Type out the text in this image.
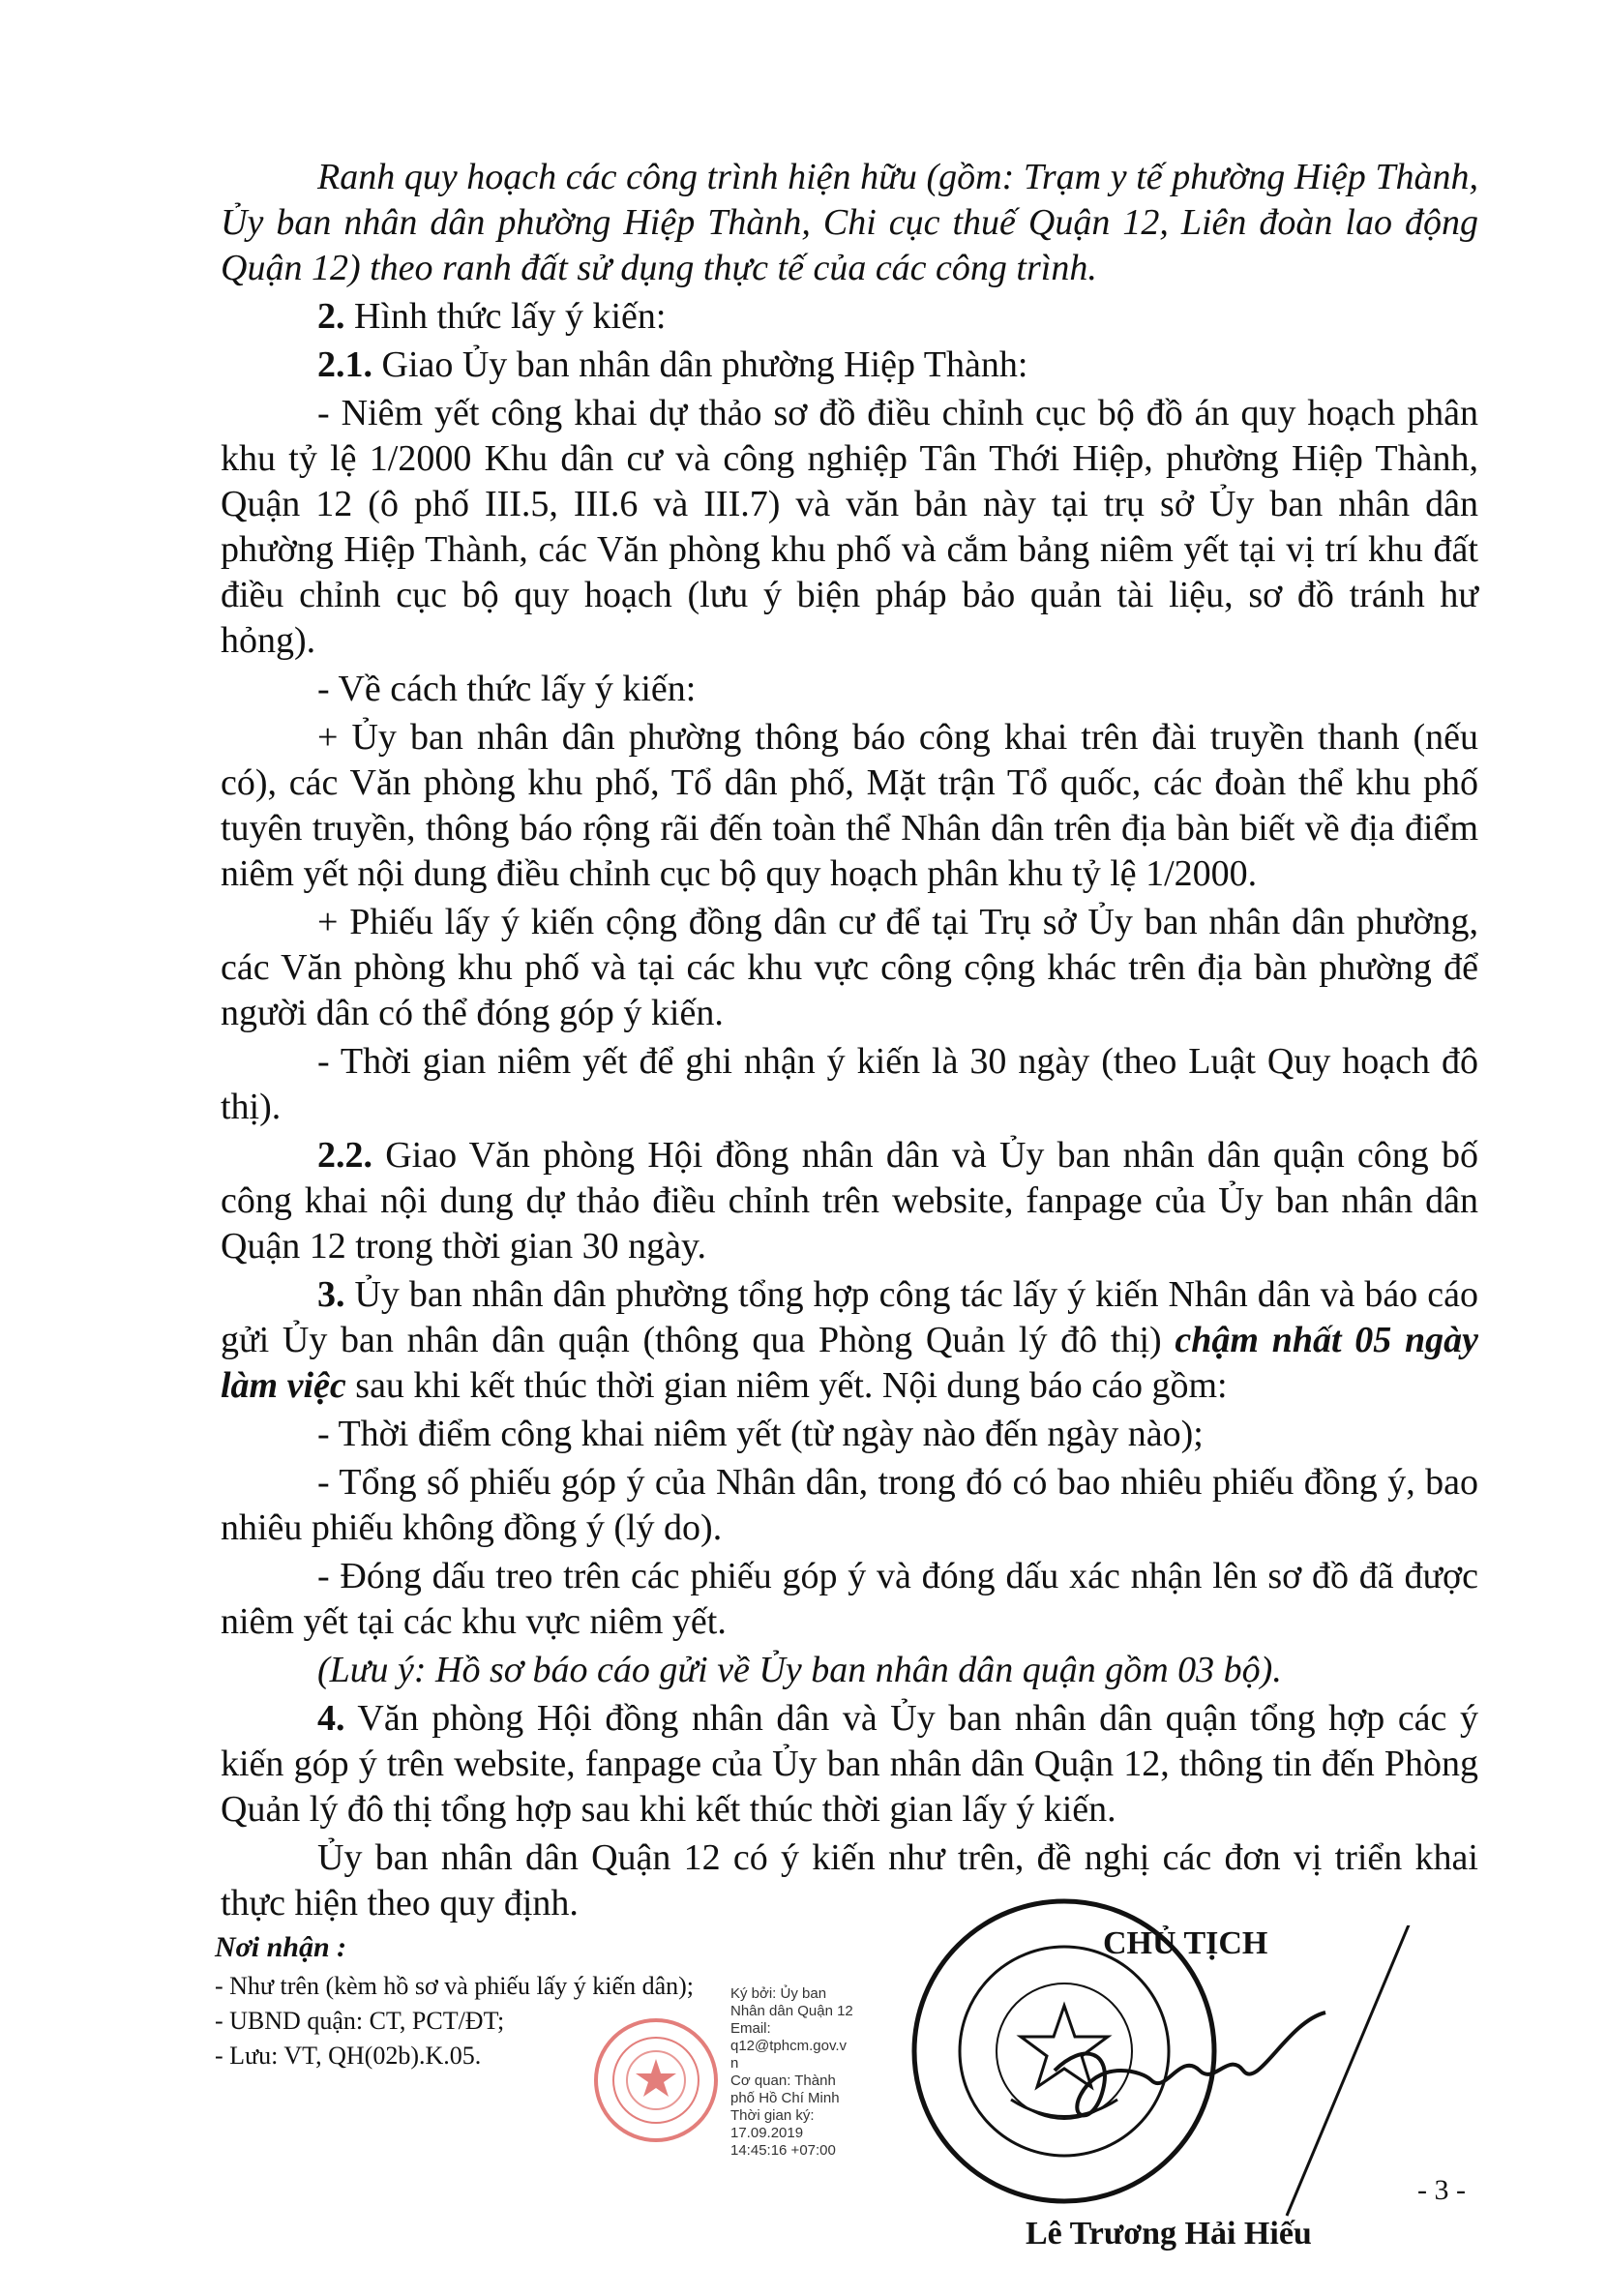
Ranh quy hoạch các công trình hiện hữu (gồm: Trạm y tế phường Hiệp Thành, Ủy ban nhân dân phường Hiệp Thành, Chi cục thuế Quận 12, Liên đoàn lao động Quận 12) theo ranh đất sử dụng thực tế của các công trình.

2. Hình thức lấy ý kiến:

2.1. Giao Ủy ban nhân dân phường Hiệp Thành:

- Niêm yết công khai dự thảo sơ đồ điều chỉnh cục bộ đồ án quy hoạch phân khu tỷ lệ 1/2000 Khu dân cư và công nghiệp Tân Thới Hiệp, phường Hiệp Thành, Quận 12 (ô phố III.5, III.6 và III.7) và văn bản này tại trụ sở Ủy ban nhân dân phường Hiệp Thành, các Văn phòng khu phố và cắm bảng niêm yết tại vị trí khu đất điều chỉnh cục bộ quy hoạch (lưu ý biện pháp bảo quản tài liệu, sơ đồ tránh hư hỏng).

- Về cách thức lấy ý kiến:

+ Ủy ban nhân dân phường thông báo công khai trên đài truyền thanh (nếu có), các Văn phòng khu phố, Tổ dân phố, Mặt trận Tổ quốc, các đoàn thể khu phố tuyên truyền, thông báo rộng rãi đến toàn thể Nhân dân trên địa bàn biết về địa điểm niêm yết nội dung điều chỉnh cục bộ quy hoạch phân khu tỷ lệ 1/2000.

+ Phiếu lấy ý kiến cộng đồng dân cư để tại Trụ sở Ủy ban nhân dân phường, các Văn phòng khu phố và tại các khu vực công cộng khác trên địa bàn phường để người dân có thể đóng góp ý kiến.

- Thời gian niêm yết để ghi nhận ý kiến là 30 ngày (theo Luật Quy hoạch đô thị).

2.2. Giao Văn phòng Hội đồng nhân dân và Ủy ban nhân dân quận công bố công khai nội dung dự thảo điều chỉnh trên website, fanpage của Ủy ban nhân dân Quận 12 trong thời gian 30 ngày.

3. Ủy ban nhân dân phường tổng hợp công tác lấy ý kiến Nhân dân và báo cáo gửi Ủy ban nhân dân quận (thông qua Phòng Quản lý đô thị) chậm nhất 05 ngày làm việc sau khi kết thúc thời gian niêm yết. Nội dung báo cáo gồm:

- Thời điểm công khai niêm yết (từ ngày nào đến ngày nào);

- Tổng số phiếu góp ý của Nhân dân, trong đó có bao nhiêu phiếu đồng ý, bao nhiêu phiếu không đồng ý (lý do).

- Đóng dấu treo trên các phiếu góp ý và đóng dấu xác nhận lên sơ đồ đã được niêm yết tại các khu vực niêm yết.

(Lưu ý: Hồ sơ báo cáo gửi về Ủy ban nhân dân quận gồm 03 bộ).

4. Văn phòng Hội đồng nhân dân và Ủy ban nhân dân quận tổng hợp các ý kiến góp ý trên website, fanpage của Ủy ban nhân dân Quận 12, thông tin đến Phòng Quản lý đô thị tổng hợp sau khi kết thúc thời gian lấy ý kiến.

Ủy ban nhân dân Quận 12 có ý kiến như trên, đề nghị các đơn vị triển khai thực hiện theo quy định.

Nơi nhận :
- Như trên (kèm hồ sơ và phiếu lấy ý kiến dân);
- UBND quận: CT, PCT/ĐT;
- Lưu: VT, QH(02b).K.05.
Ký bởi: Ủy ban
Nhân dân Quận 12
Email:
q12@tphcm.gov.v
n
Cơ quan: Thành
phố Hồ Chí Minh
Thời gian ký:
17.09.2019
14:45:16 +07:00
CHỦ TỊCH
Lê Trương Hải Hiếu
- 3 -
